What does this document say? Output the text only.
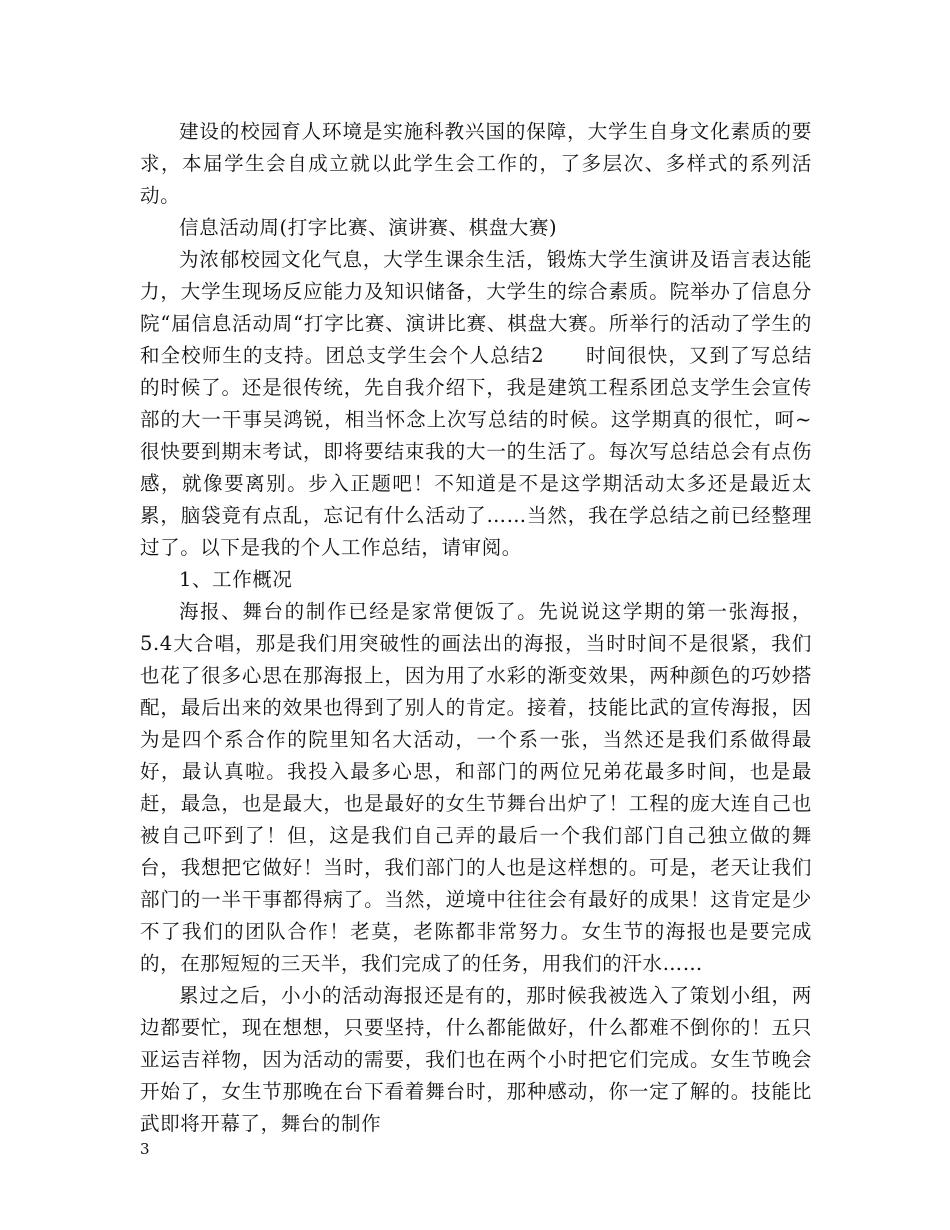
建设的校园育人环境是实施科教兴国的保障，大学生自身文化素质的要求，本届学生会自成立就以此学生会工作的，了多层次、多样式的系列活动。

信息活动周(打字比赛、演讲赛、棋盘大赛)

为浓郁校园文化气息，大学生课余生活，锻炼大学生演讲及语言表达能力，大学生现场反应能力及知识储备，大学生的综合素质。院举办了信息分院“届信息活动周“打字比赛、演讲比赛、棋盘大赛。所举行的活动了学生的和全校师生的支持。团总支学生会个人总结2　　时间很快，又到了写总结的时候了。还是很传统，先自我介绍下，我是建筑工程系团总支学生会宣传部的大一干事吴鸿锐，相当怀念上次写总结的时候。这学期真的很忙，呵~很快要到期末考试，即将要结束我的大一的生活了。每次写总结总会有点伤感，就像要离别。步入正题吧！不知道是不是这学期活动太多还是最近太累，脑袋竟有点乱，忘记有什么活动了……当然，我在学总结之前已经整理过了。以下是我的个人工作总结，请审阅。

1、工作概况

海报、舞台的制作已经是家常便饭了。先说说这学期的第一张海报，5.4大合唱，那是我们用突破性的画法出的海报，当时时间不是很紧，我们也花了很多心思在那海报上，因为用了水彩的渐变效果，两种颜色的巧妙搭配，最后出来的效果也得到了别人的肯定。接着，技能比武的宣传海报，因为是四个系合作的院里知名大活动，一个系一张，当然还是我们系做得最好，最认真啦。我投入最多心思，和部门的两位兄弟花最多时间，也是最赶，最急，也是最大，也是最好的女生节舞台出炉了！工程的庞大连自己也被自己吓到了！但，这是我们自己弄的最后一个我们部门自己独立做的舞台，我想把它做好！当时，我们部门的人也是这样想的。可是，老天让我们部门的一半干事都得病了。当然，逆境中往往会有最好的成果！这肯定是少不了我们的团队合作！老莫，老陈都非常努力。女生节的海报也是要完成的，在那短短的三天半，我们完成了的任务，用我们的汗水……

累过之后，小小的活动海报还是有的，那时候我被选入了策划小组，两边都要忙，现在想想，只要坚持，什么都能做好，什么都难不倒你的！五只亚运吉祥物，因为活动的需要，我们也在两个小时把它们完成。女生节晚会开始了，女生节那晚在台下看着舞台时，那种感动，你一定了解的。技能比武即将开幕了，舞台的制作

3
